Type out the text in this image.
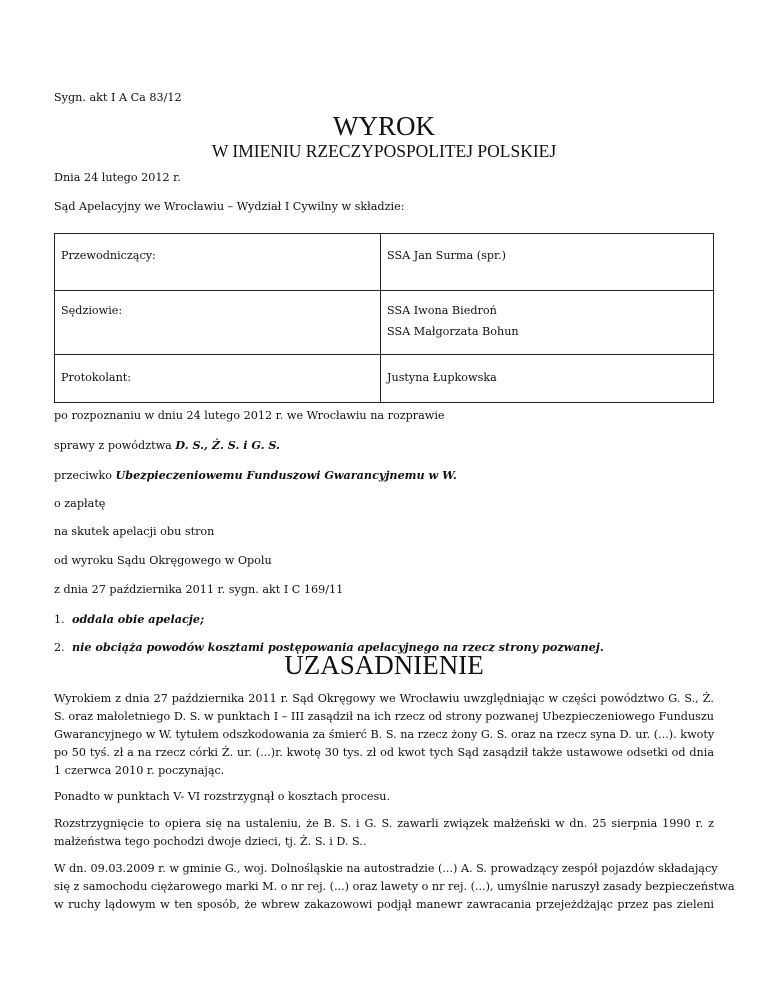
Sygn. akt I A Ca 83/12
WYROK
W IMIENIU RZECZYPOSPOLITEJ POLSKIEJ
Dnia 24 lutego 2012 r.
Sąd Apelacyjny we Wrocławiu – Wydział I Cywilny w składzie:
Przewodniczący:	SSA Jan Surma (spr.)

Sędziowie:	SSA Iwona Biedroń
SSA Małgorzata Bohun

Protokolant:	Justyna Łupkowska
po rozpoznaniu w dniu 24 lutego 2012 r. we Wrocławiu na rozprawie
sprawy z powództwa D. S., Ż. S. i G. S.
przeciwko Ubezpieczeniowemu Funduszowi Gwarancyjnemu w W.
o zapłatę
na skutek apelacji obu stron
od wyroku Sądu Okręgowego w Opolu
z dnia 27 października 2011 r. sygn. akt I C 169/11
1. oddala obie apelacje;
2. nie obciąża powodów kosztami postępowania apelacyjnego na rzecz strony pozwanej.
UZASADNIENIE
Wyrokiem z dnia 27 października 2011 r. Sąd Okręgowy we Wrocławiu uwzględniając w części powództwo G. S., Ż.
S. oraz małoletniego D. S. w punktach I – III zasądził na ich rzecz od strony pozwanej Ubezpieczeniowego Funduszu
Gwarancyjnego w W. tytułem odszkodowania za śmierć B. S. na rzecz żony G. S. oraz na rzecz syna D. ur. (...). kwoty
po 50 tyś. zł a na rzecz córki Ż. ur. (...)r. kwotę 30 tys. zł od kwot tych Sąd zasądził także ustawowe odsetki od dnia
1 czerwca 2010 r. poczynając.
Ponadto w punktach V- VI rozstrzygnął o kosztach procesu.
Rozstrzygnięcie to opiera się na ustaleniu, że B. S. i G. S. zawarli związek małżeński w dn. 25 sierpnia 1990 r. z
małżeństwa tego pochodzi dwoje dzieci, tj. Ż. S. i D. S..
W dn. 09.03.2009 r. w gminie G., woj. Dolnośląskie na autostradzie (...) A. S. prowadzący zespół pojazdów składający
się z samochodu ciężarowego marki M. o nr rej. (...) oraz lawety o nr rej. (...), umyślnie naruszył zasady bezpieczeństwa
w ruchy lądowym w ten sposób, że wbrew zakazowowi podjął manewr zawracania przejeżdżając przez pas zieleni
